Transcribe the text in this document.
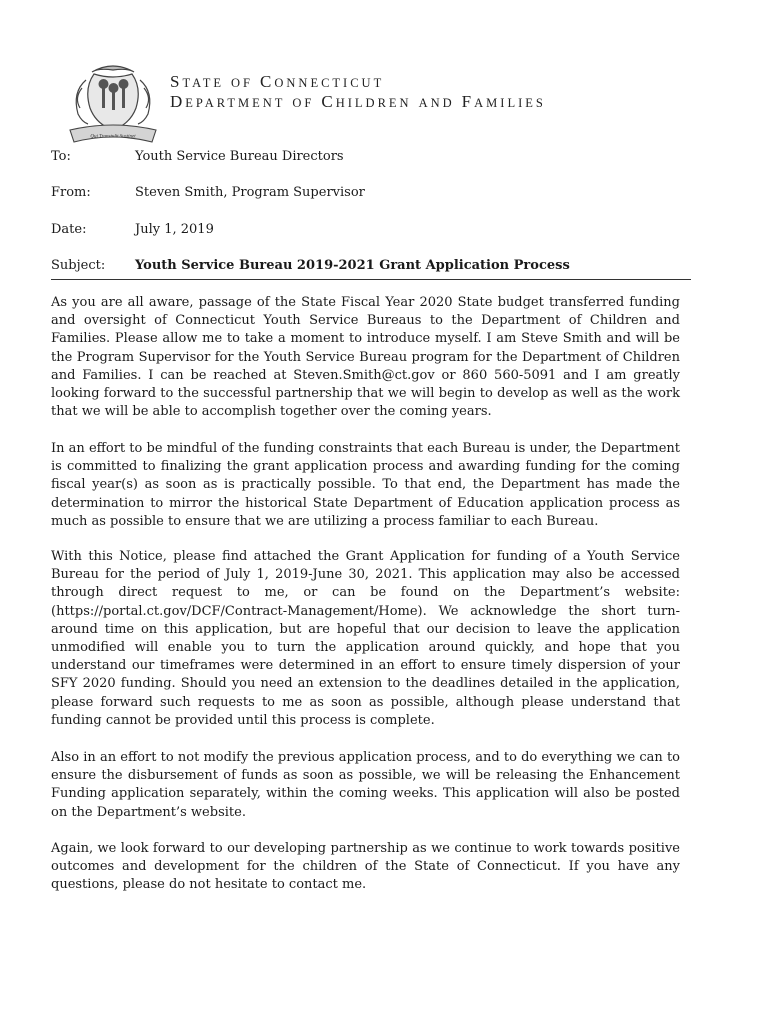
Qui Transtulit Sustinet
STATE OF CONNECTICUT
DEPARTMENT OF CHILDREN AND FAMILIES
To:	Youth Service Bureau Directors
From:	Steven Smith, Program Supervisor
Date:	July 1, 2019
Subject: Youth Service Bureau 2019-2021 Grant Application Process

As you are all aware, passage of the State Fiscal Year 2020 State budget transferred funding and oversight of Connecticut Youth Service Bureaus to the Department of Children and Families. Please allow me to take a moment to introduce myself. I am Steve Smith and will be the Program Supervisor for the Youth Service Bureau program for the Department of Children and Families. I can be reached at Steven.Smith@ct.gov or 860 560-5091 and I am greatly looking forward to the successful partnership that we will begin to develop as well as the work that we will be able to accomplish together over the coming years.

In an effort to be mindful of the funding constraints that each Bureau is under, the Department is committed to finalizing the grant application process and awarding funding for the coming fiscal year(s) as soon as is practically possible. To that end, the Department has made the determination to mirror the historical State Department of Education application process as much as possible to ensure that we are utilizing a process familiar to each Bureau.

With this Notice, please find attached the Grant Application for funding of a Youth Service Bureau for the period of July 1, 2019-June 30, 2021. This application may also be accessed through direct request to me, or can be found on the Department’s website: (https://portal.ct.gov/DCF/Contract-Management/Home). We acknowledge the short turn-around time on this application, but are hopeful that our decision to leave the application unmodified will enable you to turn the application around quickly, and hope that you understand our timeframes were determined in an effort to ensure timely dispersion of your SFY 2020 funding. Should you need an extension to the deadlines detailed in the application, please forward such requests to me as soon as possible, although please understand that funding cannot be provided until this process is complete.

Also in an effort to not modify the previous application process, and to do everything we can to ensure the disbursement of funds as soon as possible, we will be releasing the Enhancement Funding application separately, within the coming weeks. This application will also be posted on the Department’s website.

Again, we look forward to our developing partnership as we continue to work towards positive outcomes and development for the children of the State of Connecticut. If you have any questions, please do not hesitate to contact me.
